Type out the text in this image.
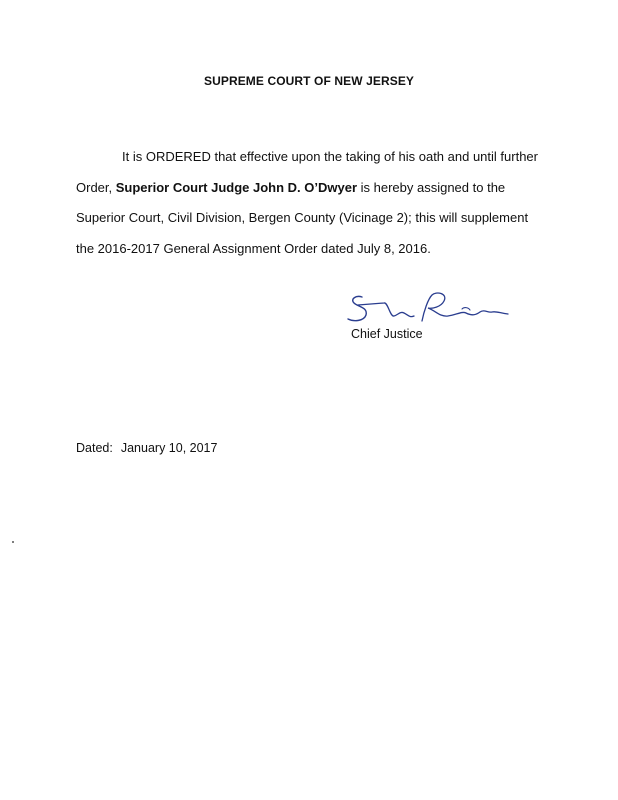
SUPREME COURT OF NEW JERSEY
It is ORDERED that effective upon the taking of his oath and until further
Order, Superior Court Judge John D. O’Dwyer is hereby assigned to the
Superior Court, Civil Division, Bergen County (Vicinage 2); this will supplement
the 2016-2017 General Assignment Order dated July 8, 2016.
Chief Justice
Dated: January 10, 2017
